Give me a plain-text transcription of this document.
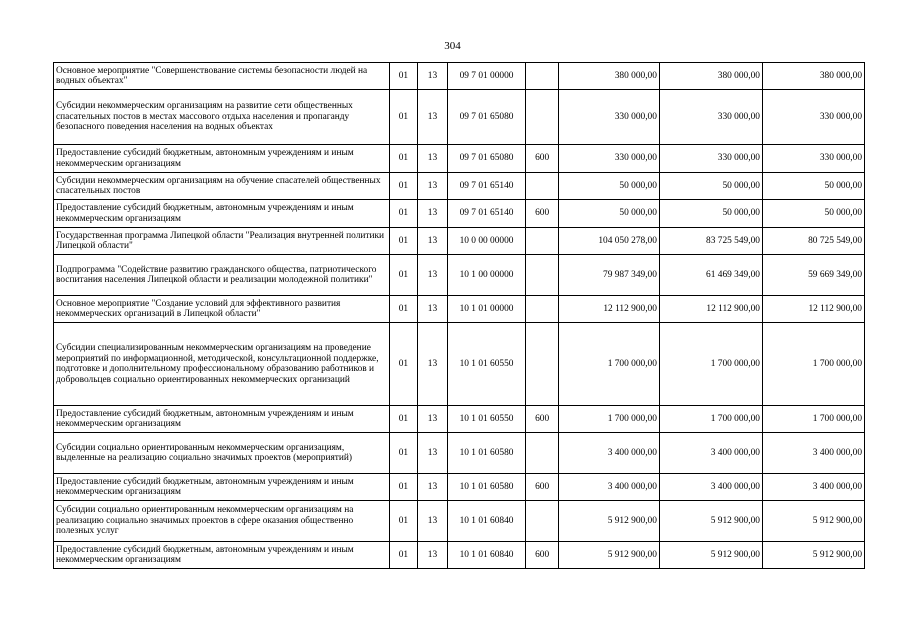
304
Основное мероприятие "Совершенствование системы безопасности людей на водных объектах"	01	13	09 7 01 00000		380 000,00	380 000,00	380 000,00
Субсидии некоммерческим организациям на развитие сети общественных спасательных постов в местах массового отдыха населения и пропаганду безопасного поведения населения на водных объектах	01	13	09 7 01 65080		330 000,00	330 000,00	330 000,00
Предоставление субсидий бюджетным, автономным учреждениям и иным некоммерческим организациям	01	13	09 7 01 65080	600	330 000,00	330 000,00	330 000,00
Субсидии некоммерческим организациям на обучение спасателей общественных спасательных постов	01	13	09 7 01 65140		50 000,00	50 000,00	50 000,00
Предоставление субсидий бюджетным, автономным учреждениям и иным некоммерческим организациям	01	13	09 7 01 65140	600	50 000,00	50 000,00	50 000,00
Государственная программа Липецкой области "Реализация внутренней политики Липецкой области"	01	13	10 0 00 00000		104 050 278,00	83 725 549,00	80 725 549,00
Подпрограмма "Содействие развитию гражданского общества, патриотического воспитания населения Липецкой области и реализации молодежной политики"	01	13	10 1 00 00000		79 987 349,00	61 469 349,00	59 669 349,00
Основное мероприятие "Создание условий для эффективного развития некоммерческих организаций в Липецкой области"	01	13	10 1 01 00000		12 112 900,00	12 112 900,00	12 112 900,00
Субсидии специализированным некоммерческим организациям на проведение мероприятий по информационной, методической, консультационной поддержке, подготовке и дополнительному профессиональному образованию работников и добровольцев социально ориентированных некоммерческих организаций	01	13	10 1 01 60550		1 700 000,00	1 700 000,00	1 700 000,00
Предоставление субсидий бюджетным, автономным учреждениям и иным некоммерческим организациям	01	13	10 1 01 60550	600	1 700 000,00	1 700 000,00	1 700 000,00
Субсидии социально ориентированным некоммерческим организациям, выделенные на реализацию социально значимых проектов (мероприятий)	01	13	10 1 01 60580		3 400 000,00	3 400 000,00	3 400 000,00
Предоставление субсидий бюджетным, автономным учреждениям и иным некоммерческим организациям	01	13	10 1 01 60580	600	3 400 000,00	3 400 000,00	3 400 000,00
Субсидии социально ориентированным некоммерческим организациям на реализацию социально значимых проектов в сфере оказания общественно полезных услуг	01	13	10 1 01 60840		5 912 900,00	5 912 900,00	5 912 900,00
Предоставление субсидий бюджетным, автономным учреждениям и иным некоммерческим организациям	01	13	10 1 01 60840	600	5 912 900,00	5 912 900,00	5 912 900,00
